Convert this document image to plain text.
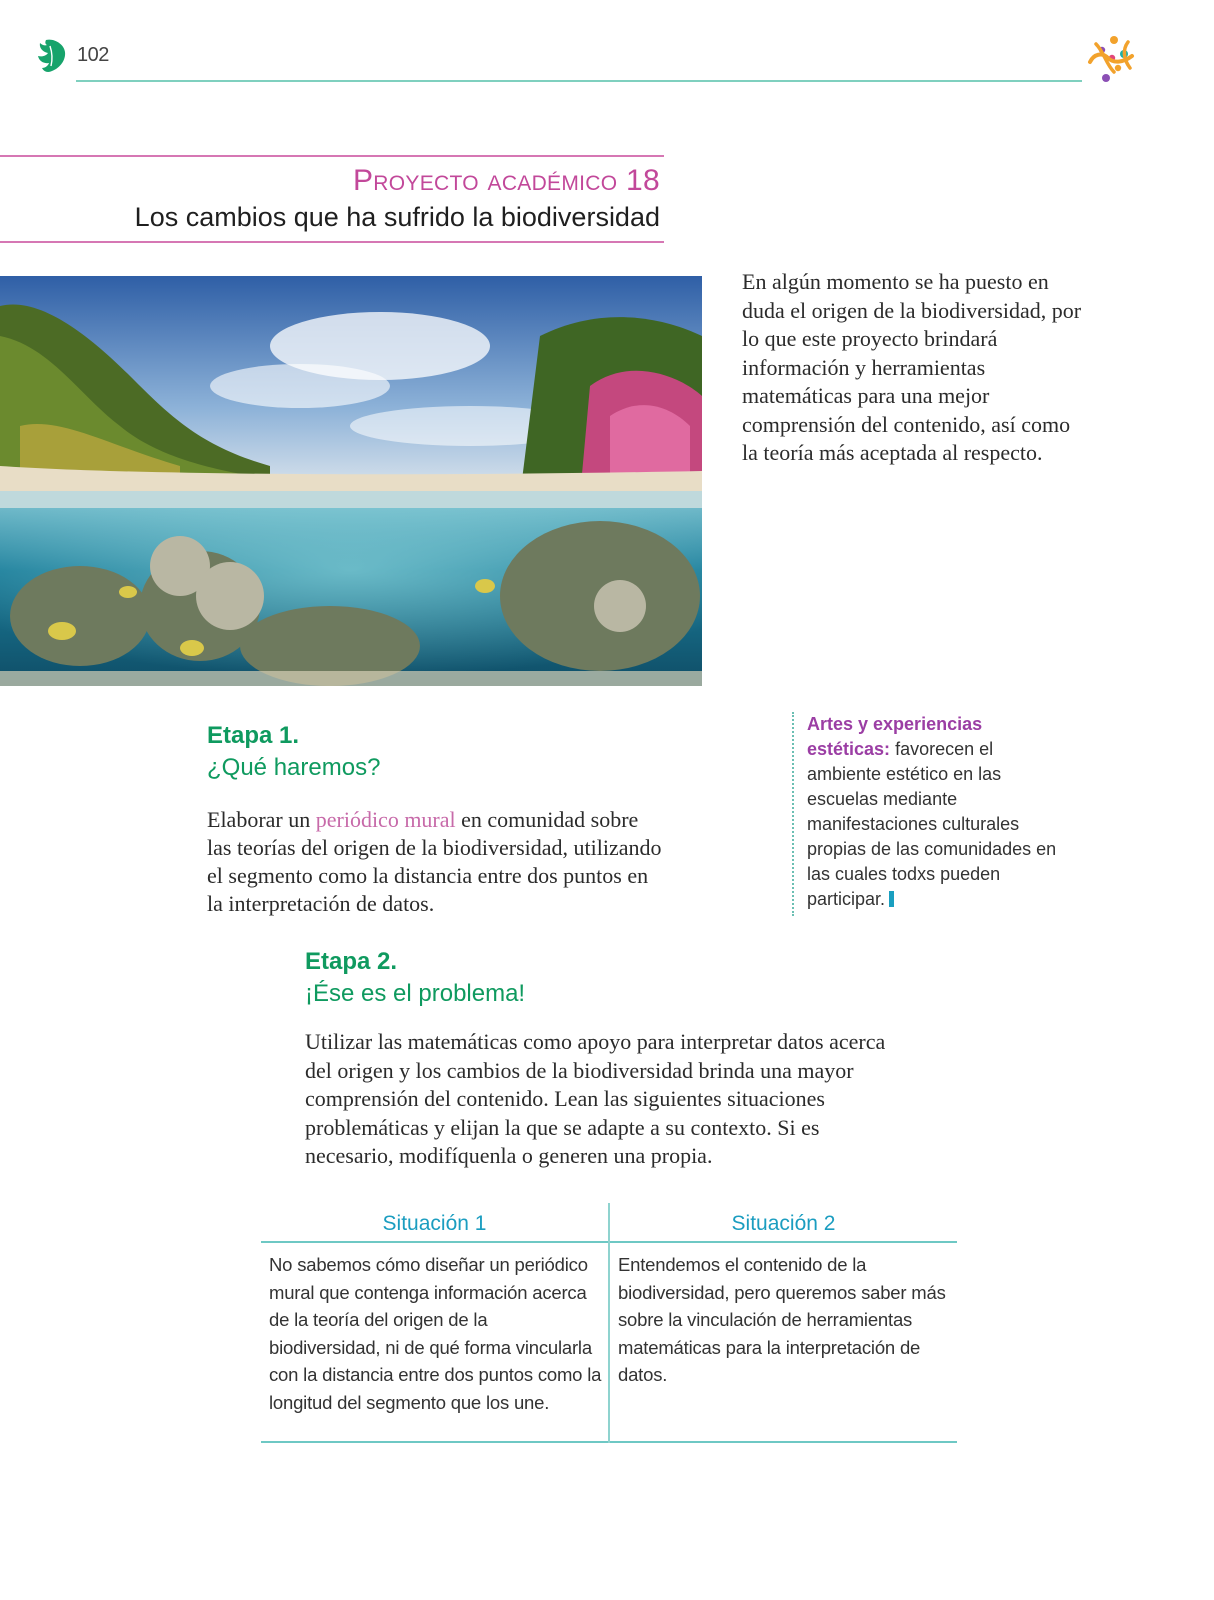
102
Proyecto académico 18
Los cambios que ha sufrido la biodiversidad
En algún momento se ha puesto en duda el origen de la biodiversidad, por lo que este proyecto brindará información y herramientas matemáticas para una mejor comprensión del contenido, así como la teoría más aceptada al respecto.
Etapa 1.
¿Qué haremos?

Elaborar un periódico mural en comunidad sobre las teorías del origen de la biodiversidad, utilizando el segmento como la distancia entre dos puntos en la interpretación de datos.

Artes y experiencias estéticas: favorecen el ambiente estético en las escuelas mediante manifestaciones culturales propias de las comunidades en las cuales todxs pueden participar.
Etapa 2.
¡Ése es el problema!

Utilizar las matemáticas como apoyo para interpretar datos acerca del origen y los cambios de la biodiversidad brinda una mayor comprensión del contenido. Lean las siguientes situaciones problemáticas y elijan la que se adapte a su contexto. Si es necesario, modifíquenla o generen una propia.

Situación 1
No sabemos cómo diseñar un periódico mural que contenga información acerca de la teoría del origen de la biodiversidad, ni de qué forma vincularla con la distancia entre dos puntos como la longitud del segmento que los une.
Situación 2
Entendemos el contenido de la biodiversidad, pero queremos saber más sobre la vinculación de herramientas matemáticas para la interpretación de datos.
